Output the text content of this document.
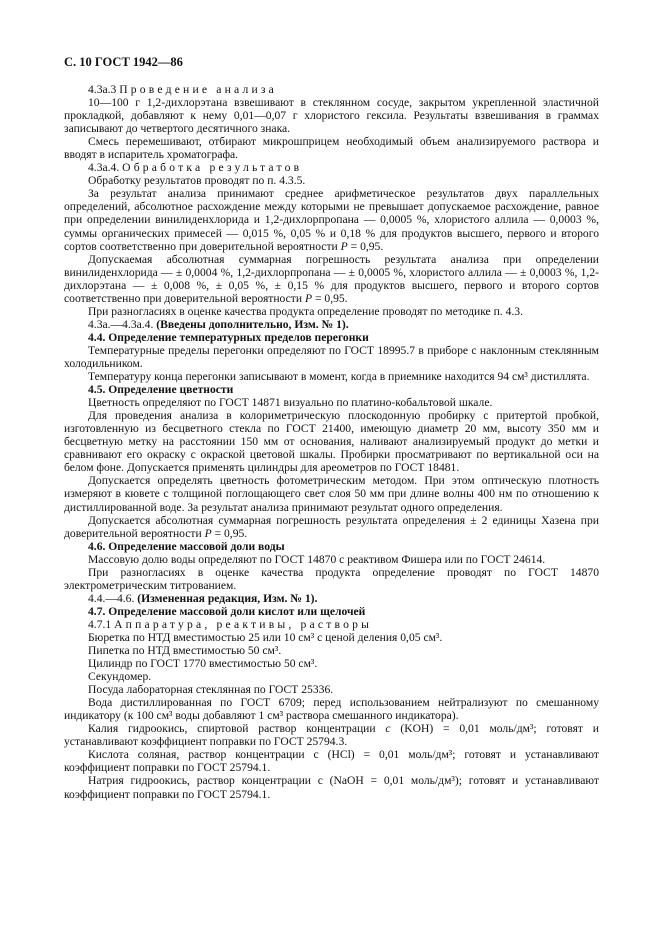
С. 10 ГОСТ 1942—86

4.3а.3 Проведение анализа

10—100 г 1,2-дихлорэтана взвешивают в стеклянном сосуде, закрытом укрепленной эластичной прокладкой, добавляют к нему 0,01—0,07 г хлористого гексила. Результаты взвешивания в граммах записывают до четвертого десятичного знака.

Смесь перемешивают, отбирают микрошприцем необходимый объем анализируемого раствора и вводят в испаритель хроматографа.

4.3а.4. Обработка результатов

Обработку результатов проводят по п. 4.3.5.

За результат анализа принимают среднее арифметическое результатов двух параллельных определений, абсолютное расхождение между которыми не превышает допускаемое расхождение, равное при определении винилиденхлорида и 1,2-дихлорпропана — 0,0005 %, хлористого аллила — 0,0003 %, суммы органических примесей — 0,015 %, 0,05 % и 0,18 % для продуктов высшего, первого и второго сортов соответственно при доверительной вероятности P = 0,95.

Допускаемая абсолютная суммарная погрешность результата анализа при определении винилиденхлорида — ± 0,0004 %, 1,2-дихлорпропана — ± 0,0005 %, хлористого аллила — ± 0,0003 %, 1,2-дихлорэтана — ± 0,008 %, ± 0,05 %, ± 0,15 % для продуктов высшего, первого и второго сортов соответственно при доверительной вероятности P = 0,95.

При разногласиях в оценке качества продукта определение проводят по методике п. 4.3.

4.3а.—4.3а.4. (Введены дополнительно, Изм. № 1).

4.4. Определение температурных пределов перегонки

Температурные пределы перегонки определяют по ГОСТ 18995.7 в приборе с наклонным стеклянным холодильником.

Температуру конца перегонки записывают в момент, когда в приемнике находится 94 см³ дистиллята.

4.5. Определение цветности

Цветность определяют по ГОСТ 14871 визуально по платино-кобальтовой шкале.

Для проведения анализа в колориметрическую плоскодонную пробирку с притертой пробкой, изготовленную из бесцветного стекла по ГОСТ 21400, имеющую диаметр 20 мм, высоту 350 мм и бесцветную метку на расстоянии 150 мм от основания, наливают анализируемый продукт до метки и сравнивают его окраску с окраской цветовой шкалы. Пробирки просматривают по вертикальной оси на белом фоне. Допускается применять цилиндры для ареометров по ГОСТ 18481.

Допускается определять цветность фотометрическим методом. При этом оптическую плотность измеряют в кювете с толщиной поглощающего свет слоя 50 мм при длине волны 400 нм по отношению к дистиллированной воде. За результат анализа принимают результат одного определения.

Допускается абсолютная суммарная погрешность результата определения ± 2 единицы Хазена при доверительной вероятности P = 0,95.

4.6. Определение массовой доли воды

Массовую долю воды определяют по ГОСТ 14870 с реактивом Фишера или по ГОСТ 24614.

При разногласиях в оценке качества продукта определение проводят по ГОСТ 14870 электрометрическим титрованием.

4.4.—4.6. (Измененная редакция, Изм. № 1).

4.7. Определение массовой доли кислот или щелочей

4.7.1 Аппаратура, реактивы, растворы

Бюретка по НТД вместимостью 25 или 10 см³ с ценой деления 0,05 см³.

Пипетка по НТД вместимостью 50 см³.

Цилиндр по ГОСТ 1770 вместимостью 50 см³.

Секундомер.

Посуда лабораторная стеклянная по ГОСТ 25336.

Вода дистиллированная по ГОСТ 6709; перед использованием нейтрализуют по смешанному индикатору (к 100 см³ воды добавляют 1 см³ раствора смешанного индикатора).

Калия гидроокись, спиртовой раствор концентрации c (KOH) = 0,01 моль/дм³; готовят и устанавливают коэффициент поправки по ГОСТ 25794.3.

Кислота соляная, раствор концентрации c (HCl) = 0,01 моль/дм³; готовят и устанавливают коэффициент поправки по ГОСТ 25794.1.

Натрия гидроокись, раствор концентрации c (NaOH = 0,01 моль/дм³); готовят и устанавливают коэффициент поправки по ГОСТ 25794.1.
